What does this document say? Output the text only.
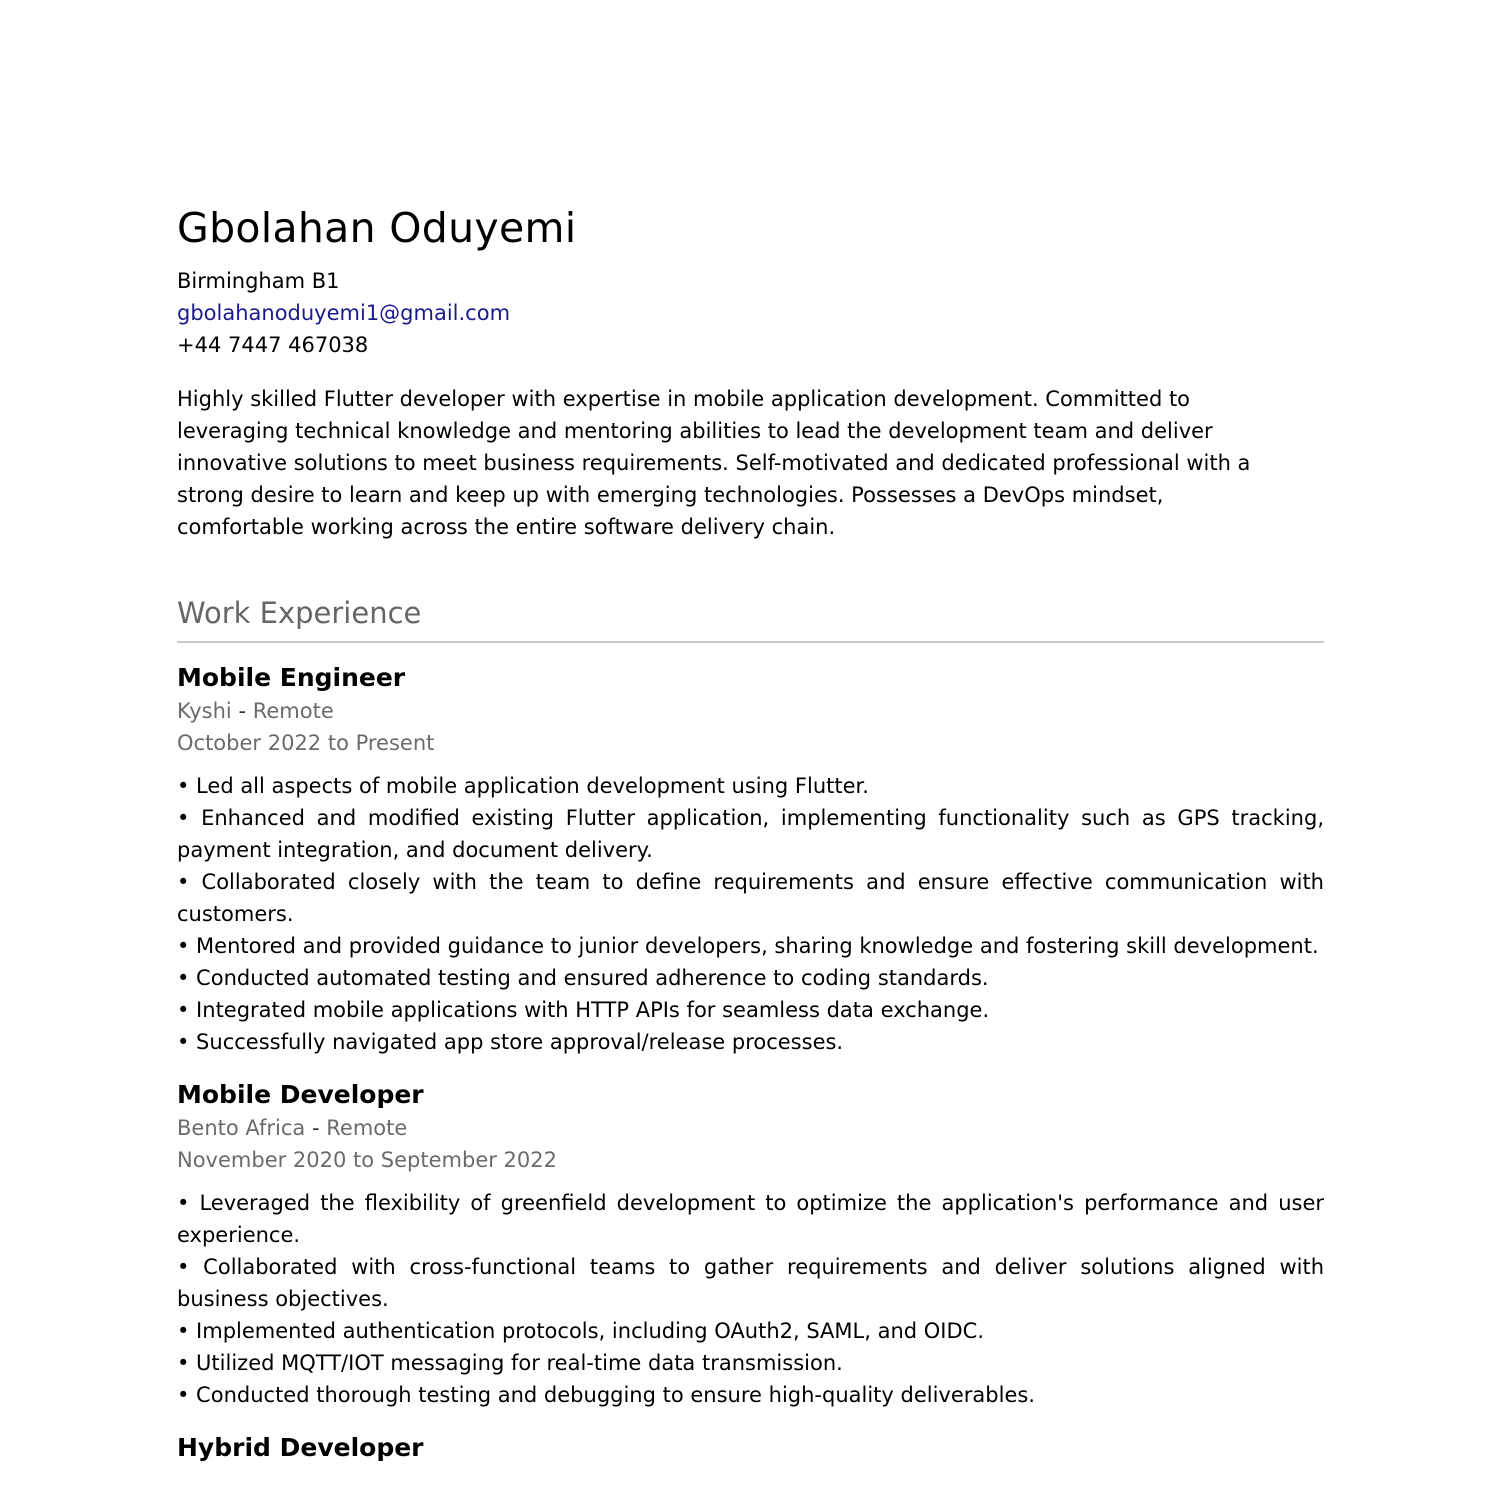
Gbolahan Oduyemi

Birmingham B1

gbolahanoduyemi1@gmail.com

+44 7447 467038

Highly skilled Flutter developer with expertise in mobile application development. Committed to leveraging technical knowledge and mentoring abilities to lead the development team and deliver innovative solutions to meet business requirements. Self-motivated and dedicated professional with a strong desire to learn and keep up with emerging technologies. Possesses a DevOps mindset, comfortable working across the entire software delivery chain.

Work Experience
Mobile Engineer

Kyshi - Remote

October 2022 to Present

• Led all aspects of mobile application development using Flutter.
• Enhanced and modified existing Flutter application, implementing functionality such as GPS tracking, payment integration, and document delivery.
• Collaborated closely with the team to define requirements and ensure effective communication with customers.
• Mentored and provided guidance to junior developers, sharing knowledge and fostering skill development.
• Conducted automated testing and ensured adherence to coding standards.
• Integrated mobile applications with HTTP APIs for seamless data exchange.
• Successfully navigated app store approval/release processes.
Mobile Developer

Bento Africa - Remote

November 2020 to September 2022

• Leveraged the flexibility of greenfield development to optimize the application's performance and user experience.
• Collaborated with cross-functional teams to gather requirements and deliver solutions aligned with business objectives.
• Implemented authentication protocols, including OAuth2, SAML, and OIDC.
• Utilized MQTT/IOT messaging for real-time data transmission.
• Conducted thorough testing and debugging to ensure high-quality deliverables.
Hybrid Developer
